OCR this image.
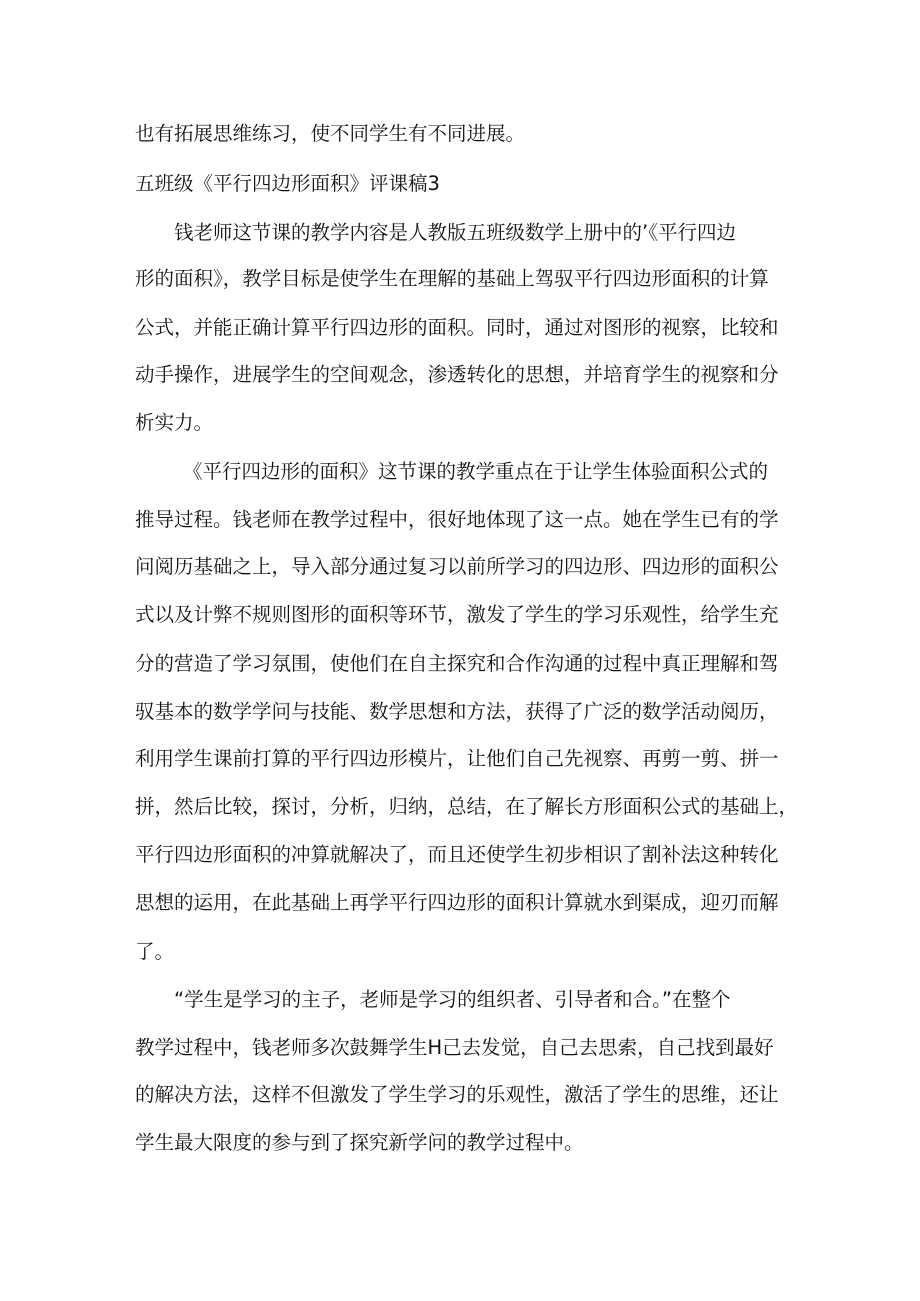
也有拓展思维练习，使不同学生有不同进展。
五班级《平行四边形面积》评课稿3
钱老师这节课的教学内容是人教版五班级数学上册中的’《平行四边
形的面积》，教学目标是使学生在理解的基础上驾驭平行四边形面积的计算
公式，并能正确计算平行四边形的面积。同时，通过对图形的视察，比较和
动手操作，进展学生的空间观念，渗透转化的思想，并培育学生的视察和分
析实力。
《平行四边形的面积》这节课的教学重点在于让学生体验面积公式的
推导过程。钱老师在教学过程中，很好地体现了这一点。她在学生已有的学
问阅历基础之上，导入部分通过复习以前所学习的四边形、四边形的面积公
式以及计弊不规则图形的面积等环节，激发了学生的学习乐观性，给学生充
分的营造了学习氛围，使他们在自主探究和合作沟通的过程中真正理解和驾
驭基本的数学学问与技能、数学思想和方法，获得了广泛的数学活动阅历，
利用学生课前打算的平行四边形模片，让他们自己先视察、再剪一剪、拼一
拼，然后比较，探讨，分析，归纳，总结，在了解长方形面积公式的基础上，
平行四边形面积的冲算就解决了，而且还使学生初步相识了割补法这种转化
思想的运用，在此基础上再学平行四边形的面积计算就水到渠成，迎刃而解
了。
“学生是学习的主子，老师是学习的组织者、引导者和合。”在整个
教学过程中，钱老师多次鼓舞学生H己去发觉，自己去思索，自己找到最好
的解决方法，这样不但激发了学生学习的乐观性，激活了学生的思维，还让
学生最大限度的参与到了探究新学问的教学过程中。
